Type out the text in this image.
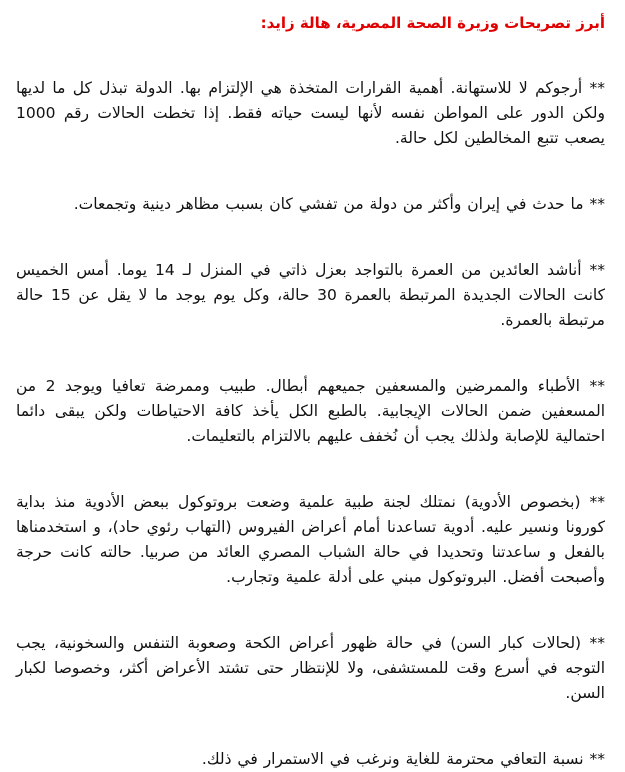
أبرز تصريحات وزيرة الصحة المصرية، هالة زايد:
** أرجوكم لا للاستهانة. أهمية القرارات المتخذة هي الإلتزام بها. الدولة تبذل كل ما لديها ولكن الدور على المواطن نفسه لأنها ليست حياته فقط. إذا تخطت الحالات رقم 1000 يصعب تتبع المخالطين لكل حالة.
** ما حدث في إيران وأكثر من دولة من تفشي كان بسبب مظاهر دينية وتجمعات.
** أناشد العائدين من العمرة بالتواجد بعزل ذاتي في المنزل لـ 14 يوما. أمس الخميس كانت الحالات الجديدة المرتبطة بالعمرة 30 حالة، وكل يوم يوجد ما لا يقل عن 15 حالة مرتبطة بالعمرة.
** الأطباء والممرضين والمسعفين جميعهم أبطال. طبيب وممرضة تعافيا ويوجد 2 من المسعفين ضمن الحالات الإيجابية. بالطبع الكل يأخذ كافة الاحتياطات ولكن يبقى دائما احتمالية للإصابة ولذلك يجب أن نُخفف عليهم بالالتزام بالتعليمات.
** (بخصوص الأدوية) نمتلك لجنة طبية علمية وضعت بروتوكول ببعض الأدوية منذ بداية كورونا ونسير عليه. أدوية تساعدنا أمام أعراض الفيروس (التهاب رئوي حاد)، و استخدمناها بالفعل و ساعدتنا وتحديدا في حالة الشباب المصري العائد من صربيا. حالته كانت حرجة وأصبحت أفضل. البروتوكول مبني على أدلة علمية وتجارب.
** (لحالات كبار السن) في حالة ظهور أعراض الكحة وصعوبة التنفس والسخونية، يجب التوجه في أسرع وقت للمستشفى، ولا للإنتظار حتى تشتد الأعراض أكثر، وخصوصا لكبار السن.
** نسبة التعافي محترمة للغاية ونرغب في الاستمرار في ذلك.
